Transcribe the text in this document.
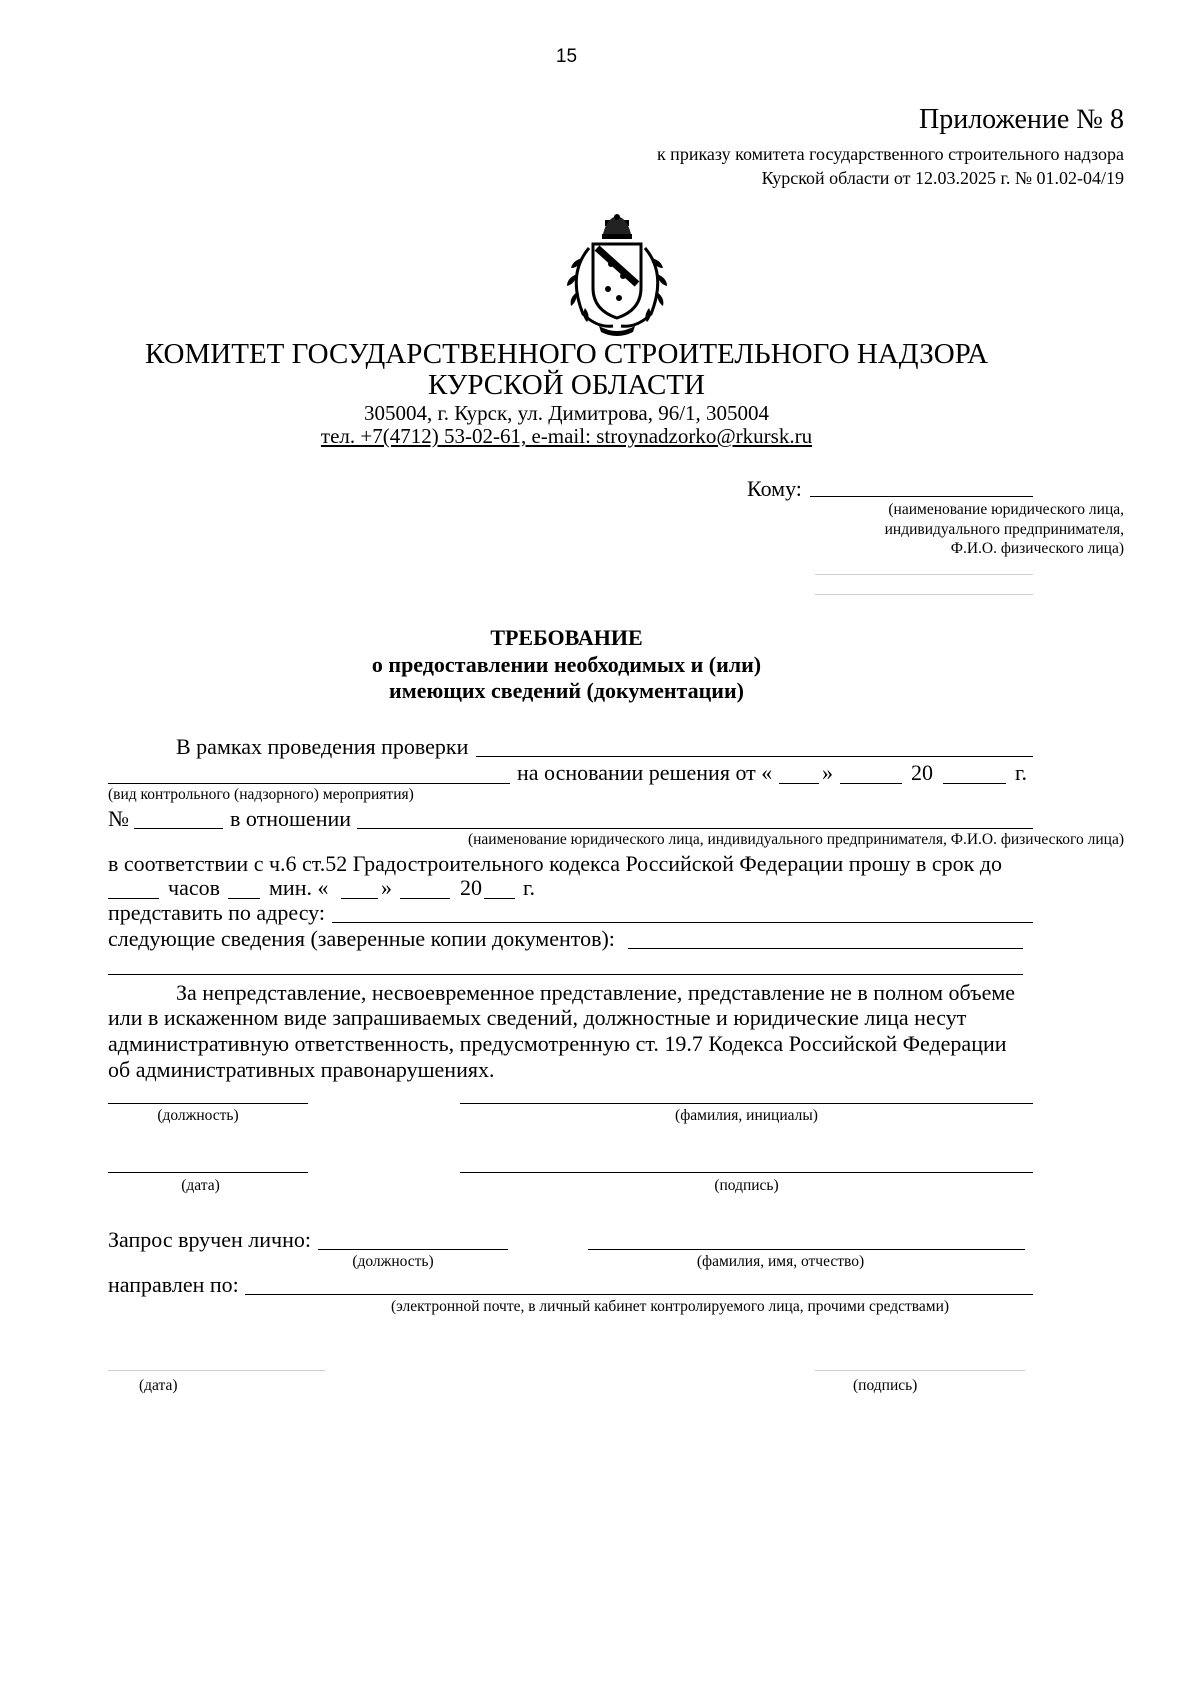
15
Приложение № 8
к приказу комитета государственного строительного надзора
Курской области от 12.03.2025 г. № 01.02-04/19
КОМИТЕТ ГОСУДАРСТВЕННОГО СТРОИТЕЛЬНОГО НАДЗОРА
КУРСКОЙ ОБЛАСТИ
305004, г. Курск, ул. Димитрова, 96/1, 305004
тел. +7(4712) 53-02-61, e-mail: stroynadzorko@rkursk.ru
Кому:
(наименование юридического лица,
индивидуального предпринимателя,
Ф.И.О. физического лица)
ТРЕБОВАНИЕ
о предоставлении необходимых и (или)
имеющих сведений (документации)
В рамках проведения проверки
на основании решения от « »	20	г.
(вид контрольного (надзорного) мероприятия)
№	в отношении
(наименование юридического лица, индивидуального предпринимателя, Ф.И.О. физического лица)
в соответствии с ч.6 ст.52 Градостроительного кодекса Российской Федерации прошу в срок до
часов мин. « »	20 г.
представить по адресу:
следующие сведения (заверенные копии документов):
За непредставление, несвоевременное представление, представление не в полном объеме
или в искаженном виде запрашиваемых сведений, должностные и юридические лица несут
административную ответственность, предусмотренную ст. 19.7 Кодекса Российской Федерации
об административных правонарушениях.
(должность)	(фамилия, инициалы)
(дата)	(подпись)
Запрос вручен лично:
(должность)	(фамилия, имя, отчество)
направлен по:
(электронной почте, в личный кабинет контролируемого лица, прочими средствами)
(дата)	(подпись)
